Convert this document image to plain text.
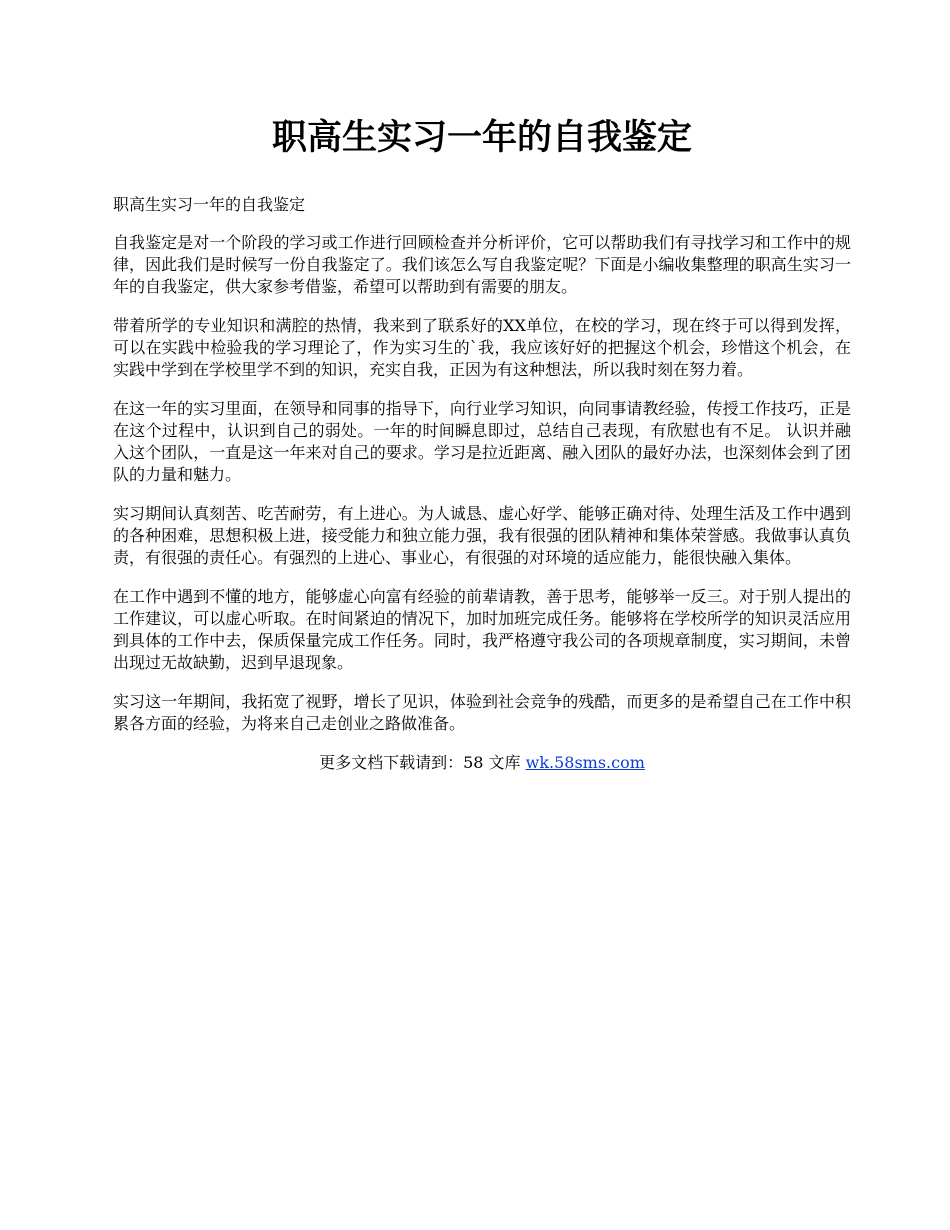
职高生实习一年的自我鉴定

职高生实习一年的自我鉴定

自我鉴定是对一个阶段的学习或工作进行回顾检查并分析评价，它可以帮助我们有寻找学习和工作中的规律，因此我们是时候写一份自我鉴定了。我们该怎么写自我鉴定呢？下面是小编收集整理的职高生实习一年的自我鉴定，供大家参考借鉴，希望可以帮助到有需要的朋友。

带着所学的专业知识和满腔的热情，我来到了联系好的XX单位，在校的学习，现在终于可以得到发挥，可以在实践中检验我的学习理论了，作为实习生的`我，我应该好好的把握这个机会，珍惜这个机会，在实践中学到在学校里学不到的知识，充实自我，正因为有这种想法，所以我时刻在努力着。

在这一年的实习里面，在领导和同事的指导下，向行业学习知识，向同事请教经验，传授工作技巧，正是在这个过程中，认识到自己的弱处。一年的时间瞬息即过，总结自己表现，有欣慰也有不足。 认识并融入这个团队，一直是这一年来对自己的要求。学习是拉近距离、融入团队的最好办法，也深刻体会到了团队的力量和魅力。

实习期间认真刻苦、吃苦耐劳，有上进心。为人诚恳、虚心好学、能够正确对待、处理生活及工作中遇到的各种困难，思想积极上进，接受能力和独立能力强，我有很强的团队精神和集体荣誉感。我做事认真负责，有很强的责任心。有强烈的上进心、事业心，有很强的对环境的适应能力，能很快融入集体。

在工作中遇到不懂的地方，能够虚心向富有经验的前辈请教，善于思考，能够举一反三。对于别人提出的工作建议，可以虚心听取。在时间紧迫的情况下，加时加班完成任务。能够将在学校所学的知识灵活应用到具体的工作中去，保质保量完成工作任务。同时，我严格遵守我公司的各项规章制度，实习期间，未曾出现过无故缺勤，迟到早退现象。

实习这一年期间，我拓宽了视野，增长了见识，体验到社会竞争的残酷，而更多的是希望自己在工作中积累各方面的经验，为将来自己走创业之路做准备。

更多文档下载请到：58 文库 wk.58sms.com
